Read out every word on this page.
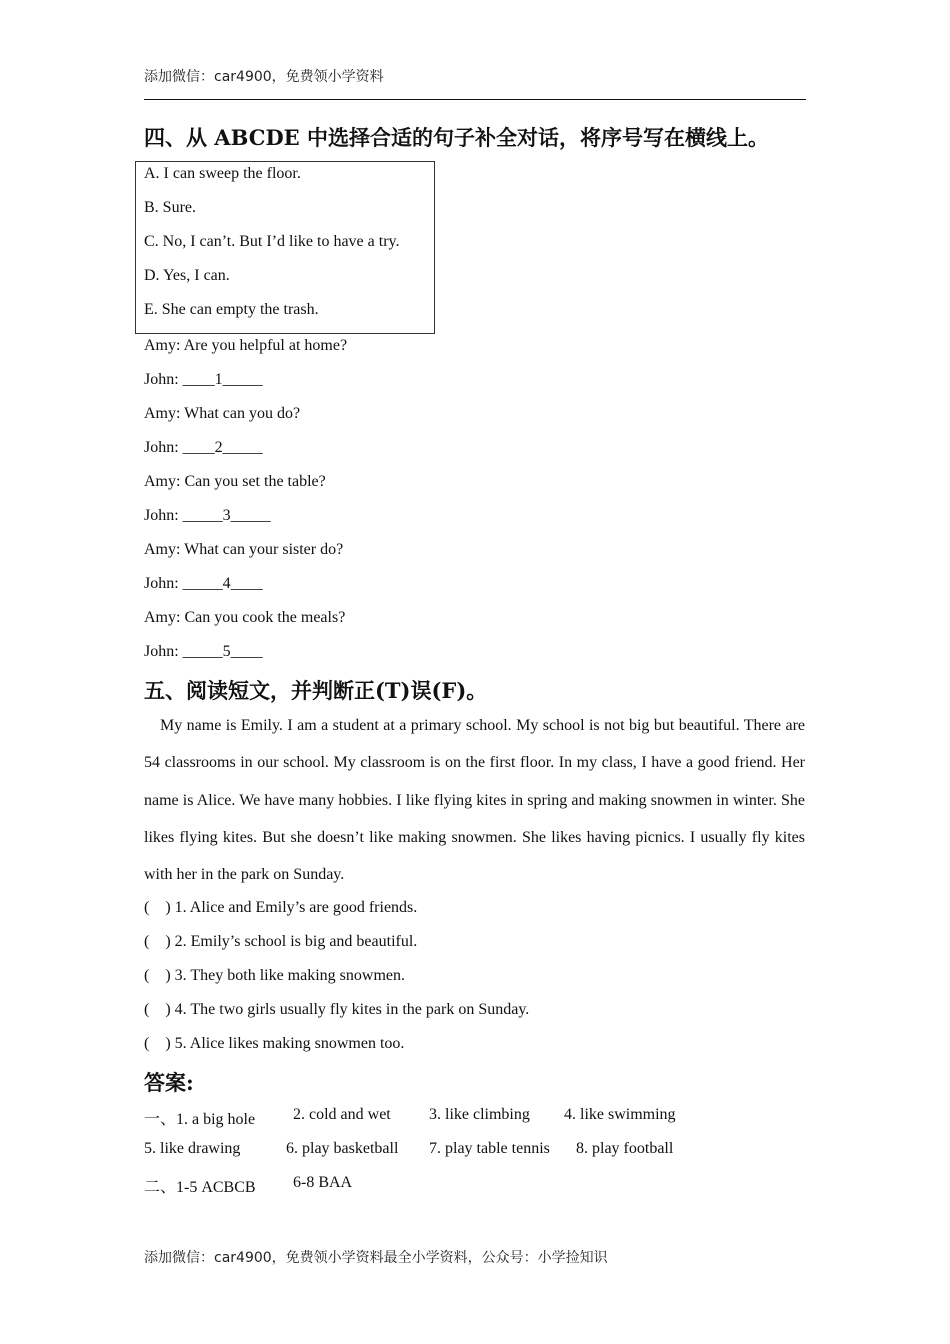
添加微信：car4900，免费领小学资料
四、从 ABCDE 中选择合适的句子补全对话，将序号写在横线上。
A. I can sweep the floor.
B. Sure.
C. No, I can’t. But I’d like to have a try.
D. Yes, I can.
E. She can empty the trash.
Amy: Are you helpful at home?
John: ____1_____
Amy: What can you do?
John: ____2_____
Amy: Can you set the table?
John: _____3_____
Amy: What can your sister do?
John: _____4____
Amy: Can you cook the meals?
John: _____5____
五、阅读短文，并判断正(T)误(F)。
My name is Emily. I am a student at a primary school. My school is not big but beautiful. There are 54 classrooms in our school. My classroom is on the first floor. In my class, I have a good friend. Her name is Alice. We have many hobbies. I like flying kites in spring and making snowmen in winter. She likes flying kites. But she doesn’t like making snowmen. She likes having picnics. I usually fly kites with her in the park on Sunday.
(    ) 1. Alice and Emily’s are good friends.
(    ) 2. Emily’s school is big and beautiful.
(    ) 3. They both like making snowmen.
(    ) 4. The two girls usually fly kites in the park on Sunday.
(    ) 5. Alice likes making snowmen too.
答案:
一、1. a big hole 2. cold and wet 3. like climbing 4. like swimming
5. like drawing	6. play basketball 7. play table tennis 8. play football
二、1-5 ACBCB 6-8 BAA
添加微信：car4900，免费领小学资料最全小学资料，公众号：小学捡知识
